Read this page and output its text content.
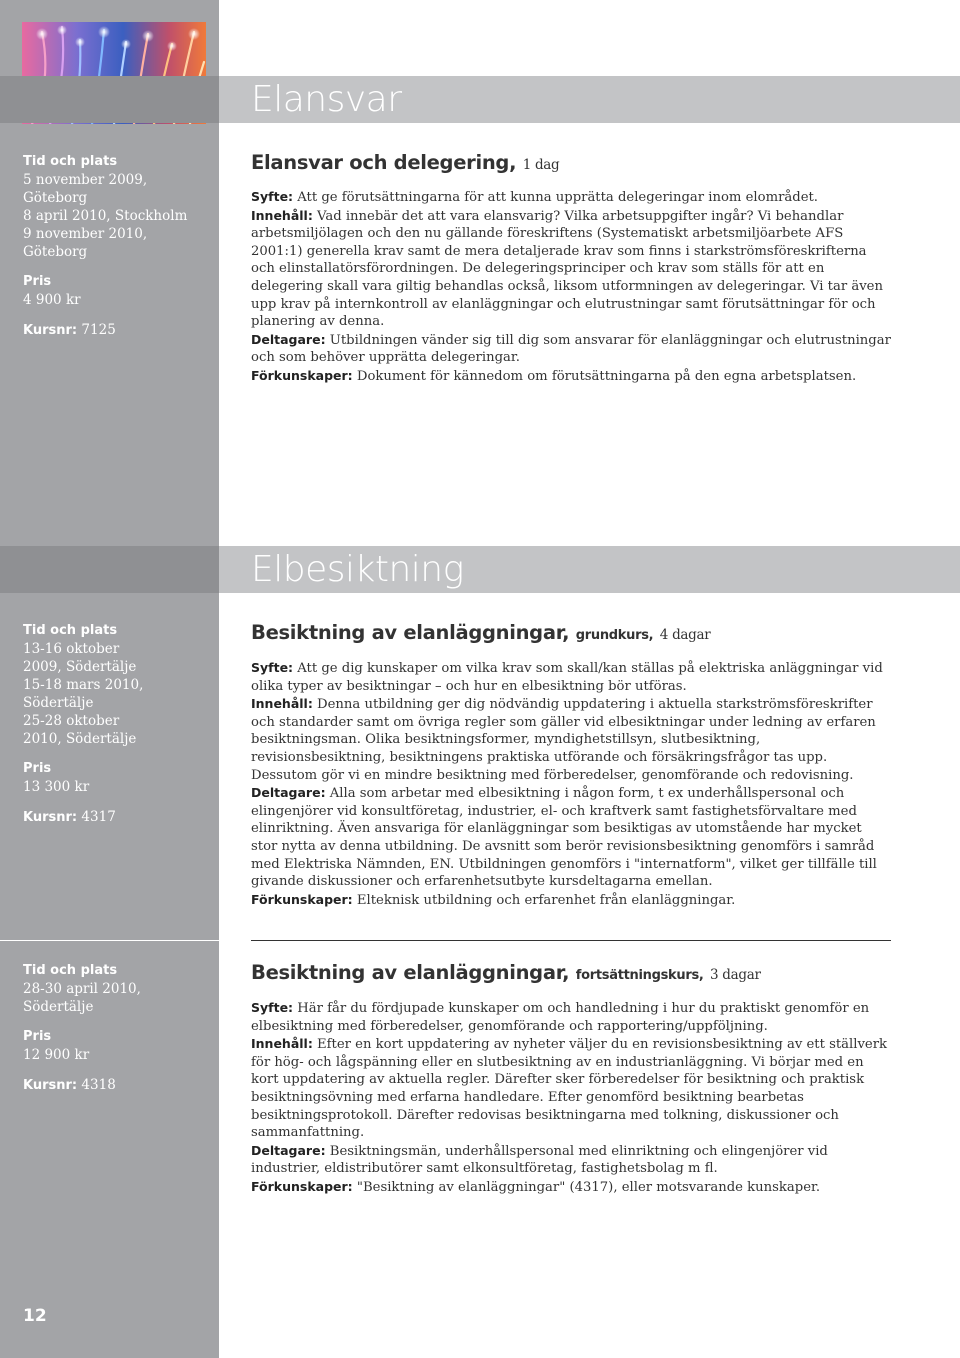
Elansvar
Tid och plats
5 november 2009, Göteborg
8 april 2010, Stockholm
9 november 2010, Göteborg
Pris
4 900 kr
Kursnr: 7125
Elansvar och delegering, 1 dag

Syfte: Att ge förutsättningarna för att kunna upprätta delegeringar inom elområdet.

Innehåll: Vad innebär det att vara elansvarig? Vilka arbetsuppgifter ingår? Vi behandlar arbetsmiljölagen och den nu gällande föreskriftens (Systematiskt arbetsmiljöarbete AFS 2001:1) generella krav samt de mera detaljerade krav som finns i starkströmsföreskrifterna och elinstallatörsförordningen. De delegeringsprinciper och krav som ställs för att en delegering skall vara giltig behandlas också, liksom utformningen av delegeringar. Vi tar även upp krav på internkontroll av elanläggningar och elutrustningar samt förutsättningar för och planering av denna.

Deltagare: Utbildningen vänder sig till dig som ansvarar för elanläggningar och elutrustningar och som behöver upprätta delegeringar.

Förkunskaper: Dokument för kännedom om förutsättningarna på den egna arbetsplatsen.

Elbesiktning
Tid och plats
13-16 oktober 2009, Södertälje
15-18 mars 2010, Södertälje
25-28 oktober 2010, Södertälje
Pris
13 300 kr
Kursnr: 4317
Besiktning av elanläggningar, grundkurs, 4 dagar

Syfte: Att ge dig kunskaper om vilka krav som skall/kan ställas på elektriska anläggningar vid olika typer av besiktningar – och hur en elbesiktning bör utföras.

Innehåll: Denna utbildning ger dig nödvändig uppdatering i aktuella starkströmsföreskrifter och standarder samt om övriga regler som gäller vid elbesiktningar under ledning av erfaren besiktningsman. Olika besiktningsformer, myndighetstillsyn, slutbesiktning, revisionsbesiktning, besiktningens praktiska utförande och försäkringsfrågor tas upp. Dessutom gör vi en mindre besiktning med förberedelser, genomförande och redovisning.

Deltagare: Alla som arbetar med elbesiktning i någon form, t ex underhållspersonal och elingenjörer vid konsultföretag, industrier, el- och kraftverk samt fastighetsförvaltare med elinriktning. Även ansvariga för elanläggningar som besiktigas av utomstående har mycket stor nytta av denna utbildning. De avsnitt som berör revisionsbesiktning genomförs i samråd med Elektriska Nämnden, EN. Utbildningen genomförs i "internatform", vilket ger tillfälle till givande diskussioner och erfarenhetsutbyte kursdeltagarna emellan.

Förkunskaper: Elteknisk utbildning och erfarenhet från elanläggningar.

Tid och plats
28-30 april 2010, Södertälje
Pris
12 900 kr
Kursnr: 4318
Besiktning av elanläggningar, fortsättningskurs, 3 dagar

Syfte: Här får du fördjupade kunskaper om och handledning i hur du praktiskt genomför en elbesiktning med förberedelser, genomförande och rapportering/uppföljning.

Innehåll: Efter en kort uppdatering av nyheter väljer du en revisionsbesiktning av ett ställverk för hög- och lågspänning eller en slutbesiktning av en industrianläggning. Vi börjar med en kort uppdatering av aktuella regler. Därefter sker förberedelser för besiktning och praktisk besiktningsövning med erfarna handledare. Efter genomförd besiktning bearbetas besiktningsprotokoll. Därefter redovisas besiktningarna med tolkning, diskussioner och sammanfattning.

Deltagare: Besiktningsmän, underhållspersonal med elinriktning och elingenjörer vid industrier, eldistributörer samt elkonsultföretag, fastighetsbolag m fl.

Förkunskaper: "Besiktning av elanläggningar" (4317), eller motsvarande kunskaper.

12
